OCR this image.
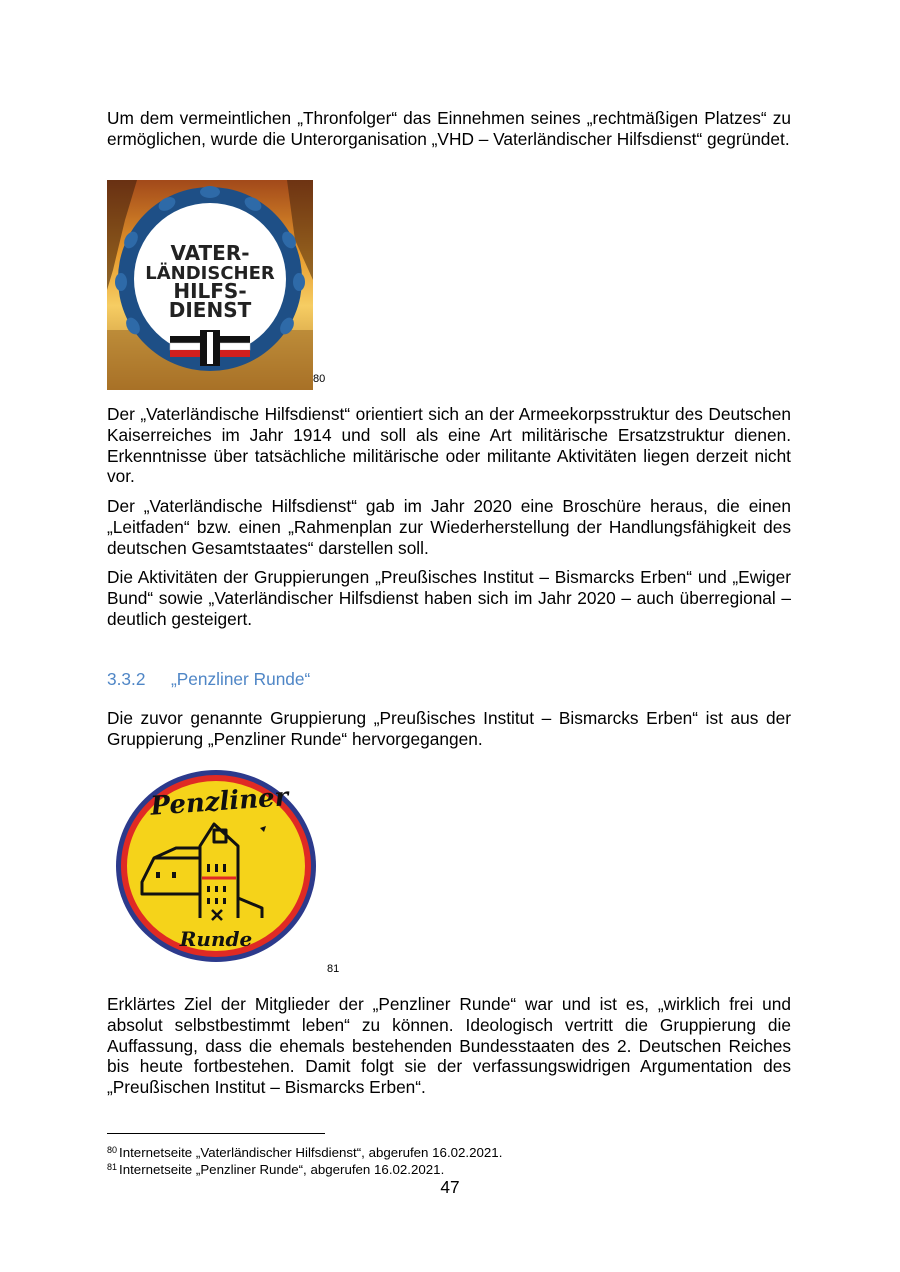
Um dem vermeintlichen „Thronfolger“ das Einnehmen seines „rechtmäßigen Platzes“ zu ermöglichen, wurde die Unterorganisation „VHD – Vaterländischer Hilfsdienst“ gegründet.

VATER-
LÄNDISCHER
HILFS-
DIENST
80

Der „Vaterländische Hilfsdienst“ orientiert sich an der Armeekorpsstruktur des Deutschen Kaiserreiches im Jahr 1914 und soll als eine Art militärische Ersatzstruktur dienen. Erkenntnisse über tatsächliche militärische oder militante Aktivitäten liegen derzeit nicht vor.

Der „Vaterländische Hilfsdienst“ gab im Jahr 2020 eine Broschüre heraus, die einen „Leitfaden“ bzw. einen „Rahmenplan zur Wiederherstellung der Handlungsfähigkeit des deutschen Gesamtstaates“ darstellen soll.

Die Aktivitäten der Gruppierungen „Preußisches Institut – Bismarcks Erben“ und „Ewiger Bund“ sowie „Vaterländischer Hilfsdienst haben sich im Jahr 2020 – auch überregional – deutlich gesteigert.

3.3.2 „Penzliner Runde“

Die zuvor genannte Gruppierung „Preußisches Institut – Bismarcks Erben“ ist aus der Gruppierung „Penzliner Runde“ hervorgegangen.

Penzliner
Runde
81

Erklärtes Ziel der Mitglieder der „Penzliner Runde“ war und ist es, „wirklich frei und absolut selbstbestimmt leben“ zu können. Ideologisch vertritt die Gruppierung die Auffassung, dass die ehemals bestehenden Bundesstaaten des 2. Deutschen Reiches bis heute fortbestehen. Damit folgt sie der verfassungswidrigen Argumentation des „Preußischen Institut – Bismarcks Erben“.

$^{80}$ Internetseite „Vaterländischer Hilfsdienst“, abgerufen 16.02.2021.
$^{81}$ Internetseite „Penzliner Runde“, abgerufen 16.02.2021.
47
